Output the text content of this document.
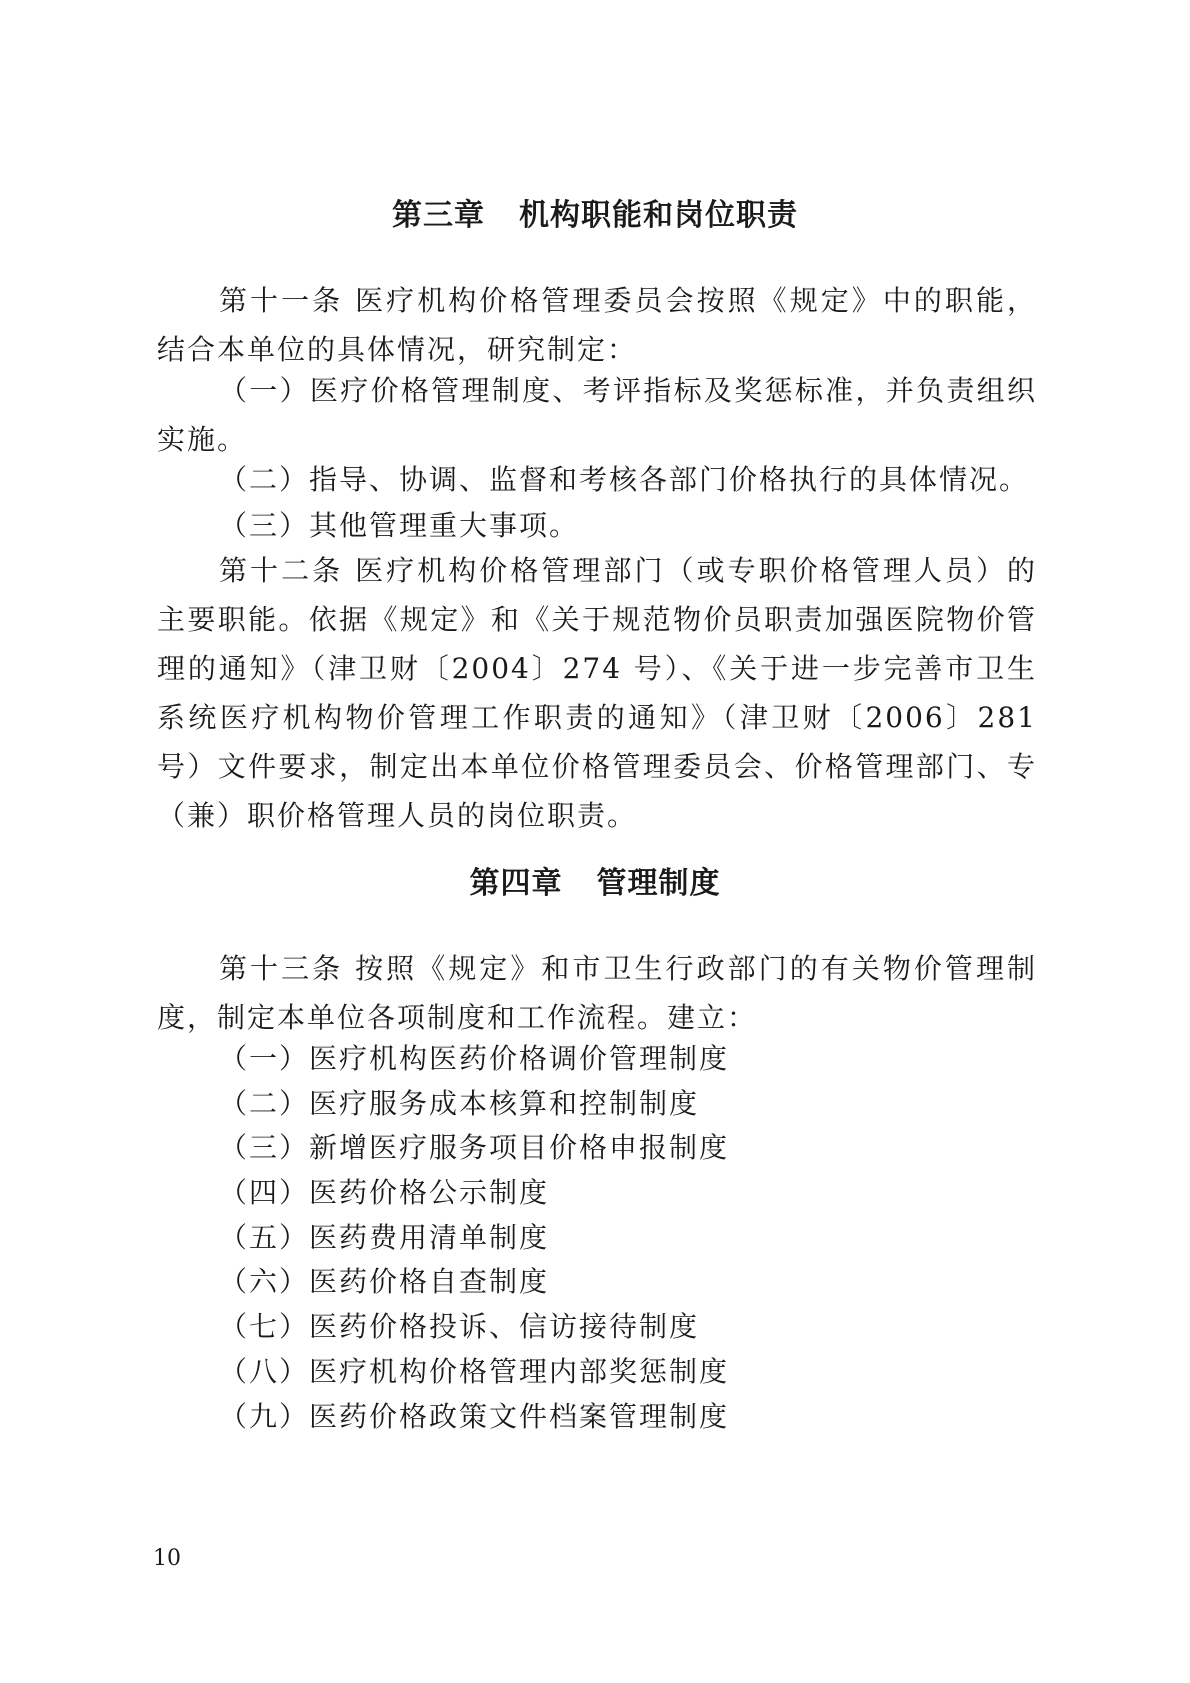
第三章 机构职能和岗位职责

第十一条 医疗机构价格管理委员会按照《规定》中的职能，结合本单位的具体情况，研究制定：

（一）医疗价格管理制度、考评指标及奖惩标准，并负责组织实施。

（二）指导、协调、监督和考核各部门价格执行的具体情况。

（三）其他管理重大事项。

第十二条 医疗机构价格管理部门（或专职价格管理人员）的主要职能。依据《规定》和《关于规范物价员职责加强医院物价管理的通知》（津卫财〔2004〕274 号）、《关于进一步完善市卫生系统医疗机构物价管理工作职责的通知》（津卫财〔2006〕281 号）文件要求，制定出本单位价格管理委员会、价格管理部门、专（兼）职价格管理人员的岗位职责。

第四章 管理制度

第十三条 按照《规定》和市卫生行政部门的有关物价管理制度，制定本单位各项制度和工作流程。建立：

（一）医疗机构医药价格调价管理制度

（二）医疗服务成本核算和控制制度

（三）新增医疗服务项目价格申报制度

（四）医药价格公示制度

（五）医药费用清单制度

（六）医药价格自查制度

（七）医药价格投诉、信访接待制度

（八）医疗机构价格管理内部奖惩制度

（九）医药价格政策文件档案管理制度

10
